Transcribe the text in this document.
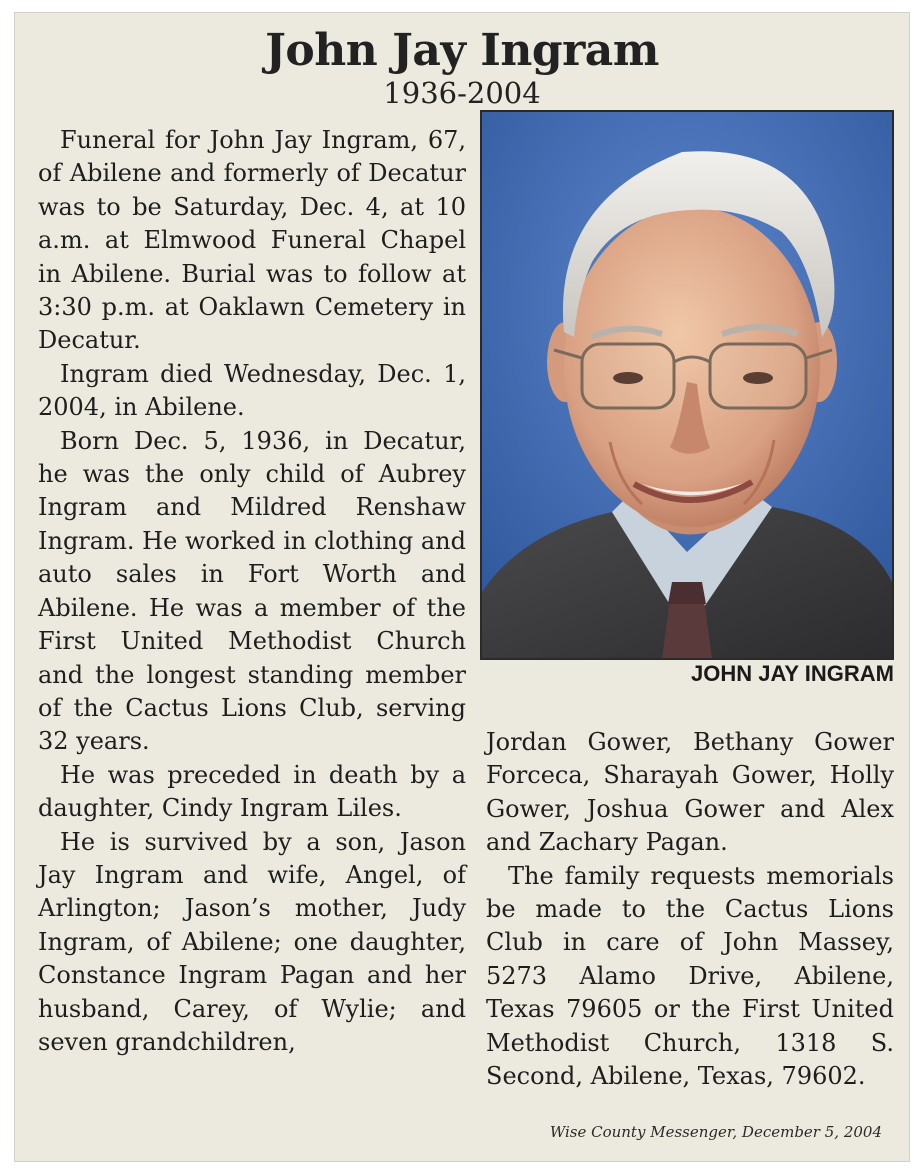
John Jay Ingram
1936-2004

Funeral for John Jay Ingram, 67, of Abilene and formerly of Decatur was to be Saturday, Dec. 4, at 10 a.m. at Elmwood Funeral Chapel in Abilene. Burial was to follow at 3:30 p.m. at Oaklawn Cemetery in Decatur.

Ingram died Wednesday, Dec. 1, 2004, in Abilene.

Born Dec. 5, 1936, in Decatur, he was the only child of Aubrey Ingram and Mildred Renshaw Ingram. He worked in clothing and auto sales in Fort Worth and Abilene. He was a member of the First United Methodist Church and the longest standing member of the Cactus Lions Club, serving 32 years.

He was preceded in death by a daughter, Cindy Ingram Liles.

He is survived by a son, Jason Jay Ingram and wife, Angel, of Arlington; Jason’s mother, Judy Ingram, of Abilene; one daughter, Constance Ingram Pagan and her husband, Carey, of Wylie; and seven grandchildren,

JOHN JAY INGRAM

Jordan Gower, Bethany Gower Forceca, Sharayah Gower, Holly Gower, Joshua Gower and Alex and Zachary Pagan.

The family requests memorials be made to the Cactus Lions Club in care of John Massey, 5273 Alamo Drive, Abilene, Texas 79605 or the First United Methodist Church, 1318 S. Second, Abilene, Texas, 79602.

Wise County Messenger, December 5, 2004
